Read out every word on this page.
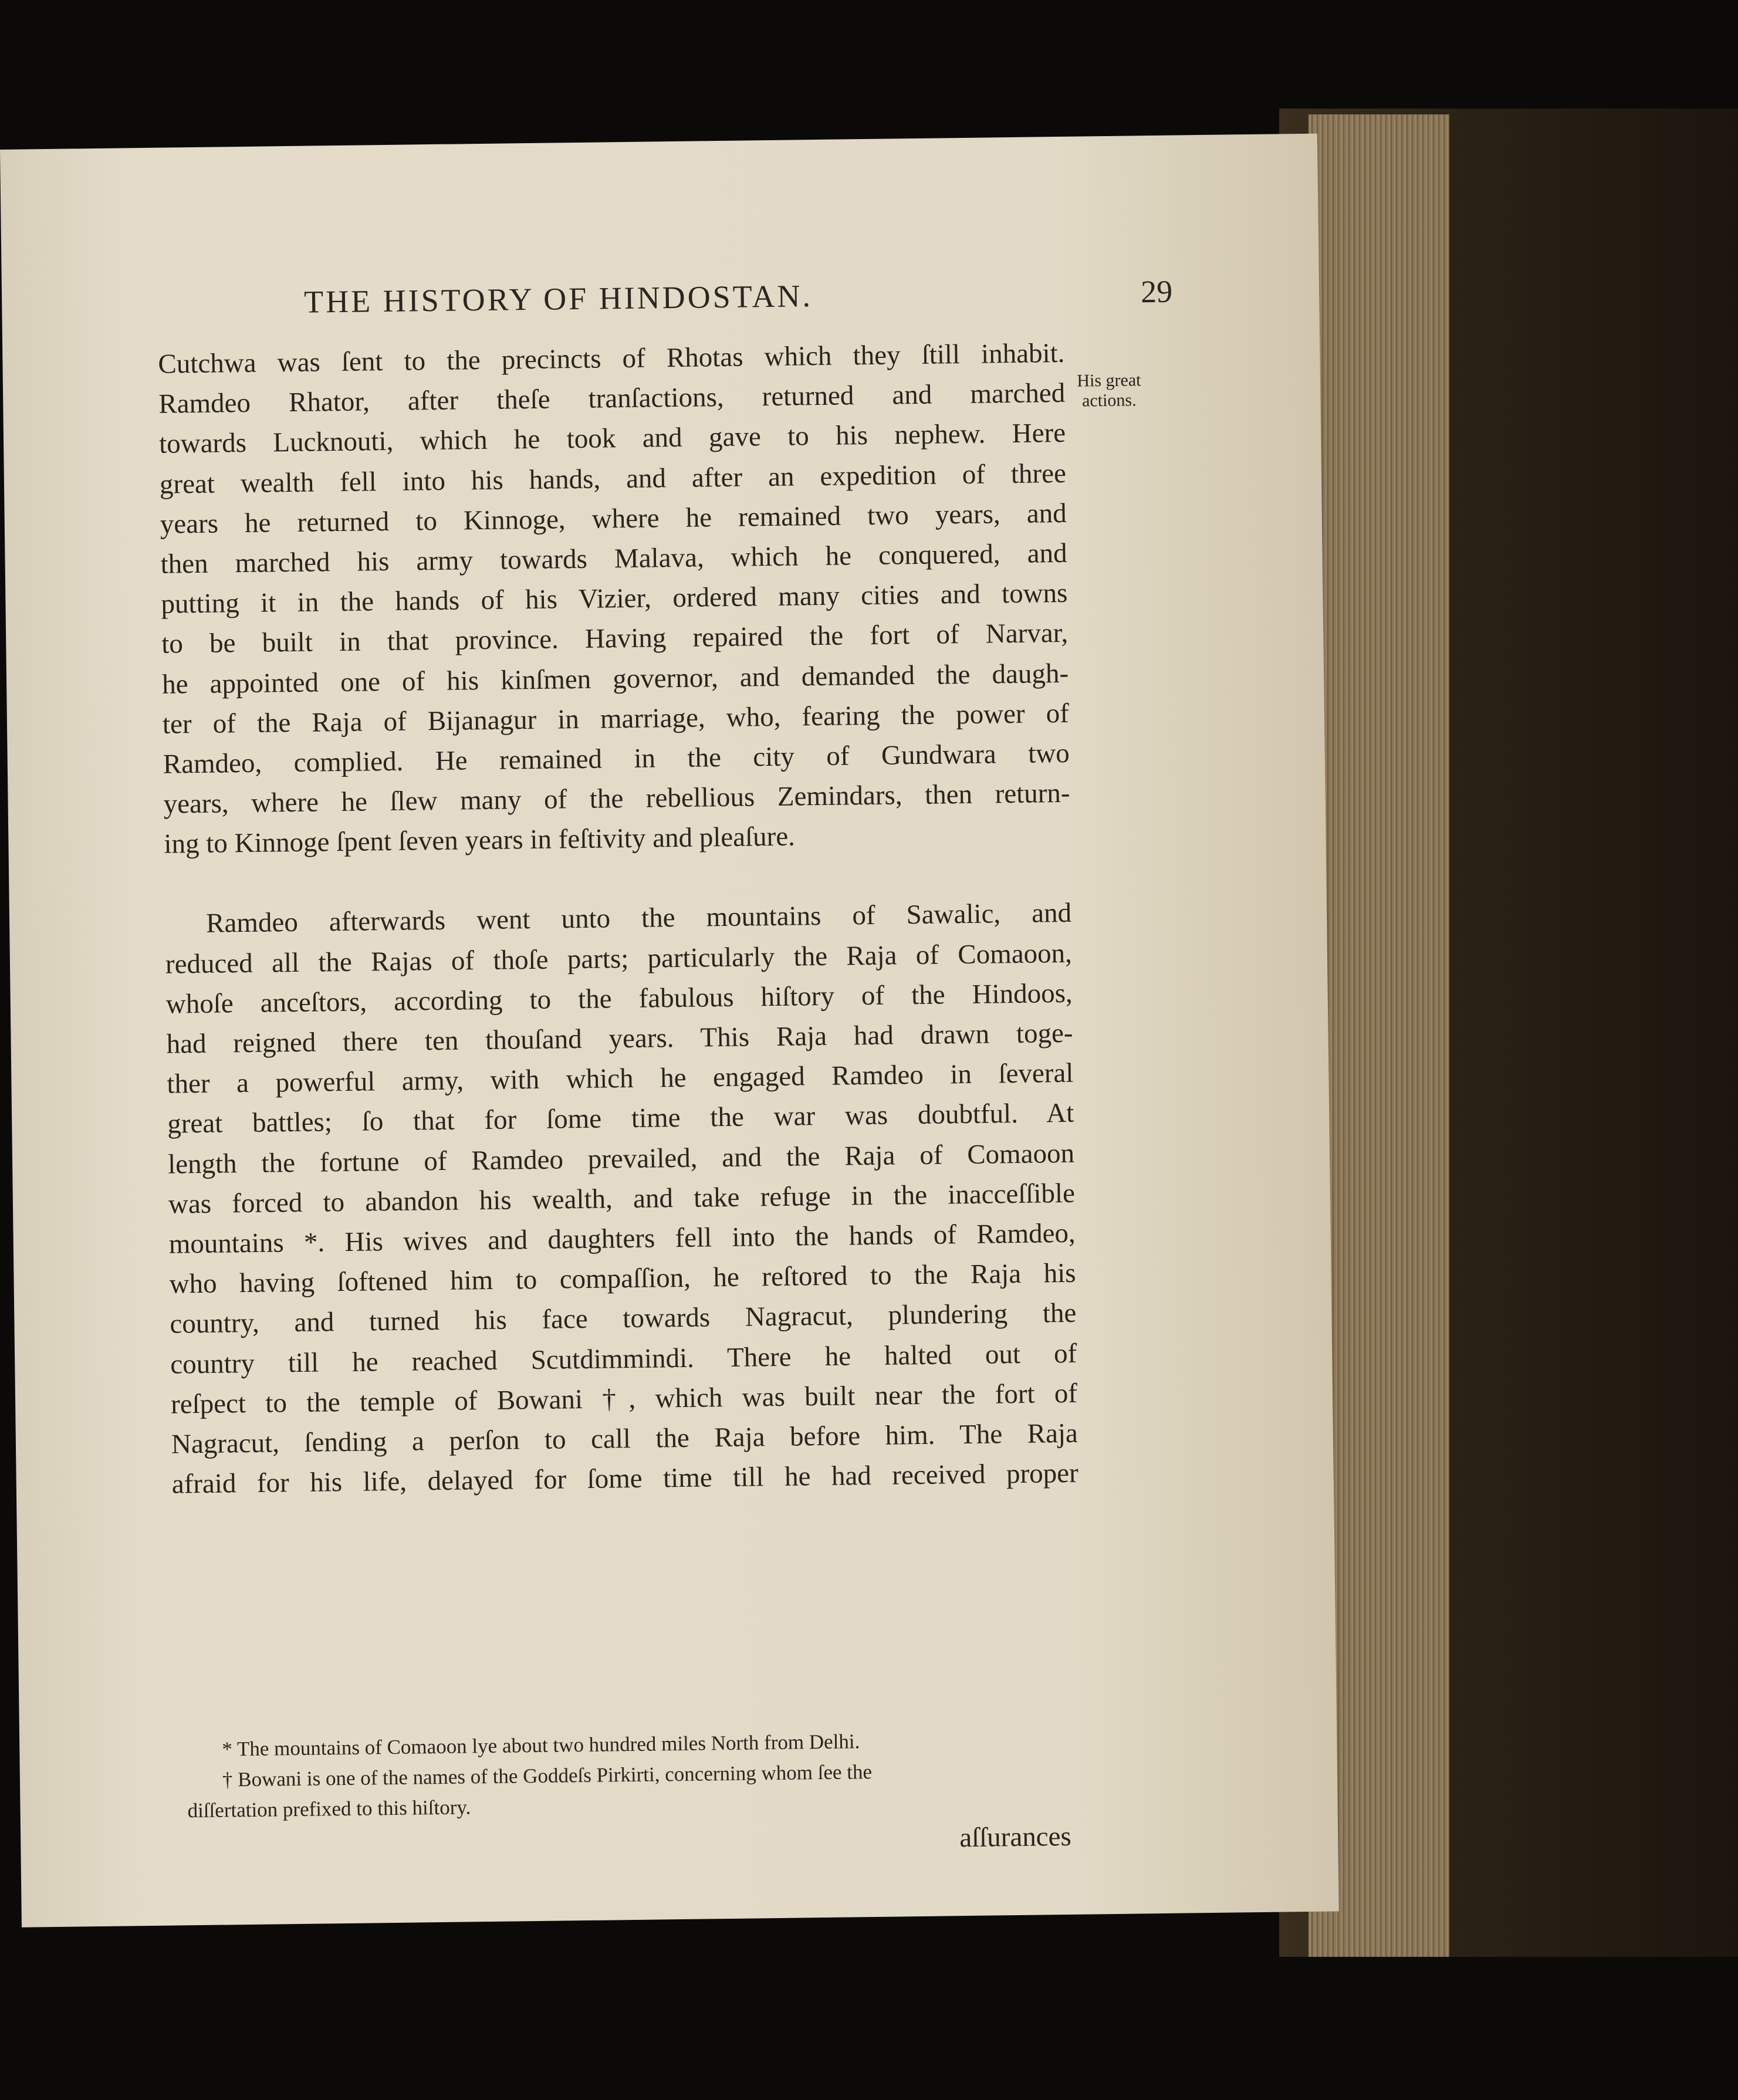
THE HISTORY OF HINDOSTAN.	29
His great actions.
Cutchwa was ſent to the precincts of Rhotas which they ſtill inhabit.
Ramdeo Rhator, after theſe tranſactions, returned and marched
towards Lucknouti, which he took and gave to his nephew. Here
great wealth fell into his hands, and after an expedition of three
years he returned to Kinnoge, where he remained two years, and
then marched his army towards Malava, which he conquered, and
putting it in the hands of his Vizier, ordered many cities and towns
to be built in that province. Having repaired the fort of Narvar,
he appointed one of his kinſmen governor, and demanded the daugh-
ter of the Raja of Bijanagur in marriage, who, fearing the power of
Ramdeo, complied. He remained in the city of Gundwara two
years, where he ſlew many of the rebellious Zemindars, then return-
ing to Kinnoge ſpent ſeven years in feſtivity and pleaſure.
Ramdeo afterwards went unto the mountains of Sawalic, and
reduced all the Rajas of thoſe parts; particularly the Raja of Comaoon,
whoſe anceſtors, according to the fabulous hiſtory of the Hindoos,
had reigned there ten thouſand years. This Raja had drawn toge-
ther a powerful army, with which he engaged Ramdeo in ſeveral
great battles; ſo that for ſome time the war was doubtful. At
length the fortune of Ramdeo prevailed, and the Raja of Comaoon
was forced to abandon his wealth, and take refuge in the inacceſſible
mountains *. His wives and daughters fell into the hands of Ramdeo,
who having ſoftened him to compaſſion, he reſtored to the Raja his
country, and turned his face towards Nagracut, plundering the
country till he reached Scutdimmindi. There he halted out of
reſpect to the temple of Bowani †, which was built near the fort of
Nagracut, ſending a perſon to call the Raja before him. The Raja
afraid for his life, delayed for ſome time till he had received proper
* The mountains of Comaoon lye about two hundred miles North from Delhi.
† Bowani is one of the names of the Goddeſs Pirkirti, concerning whom ſee the
diſſertation prefixed to this hiſtory.
aſſurances
